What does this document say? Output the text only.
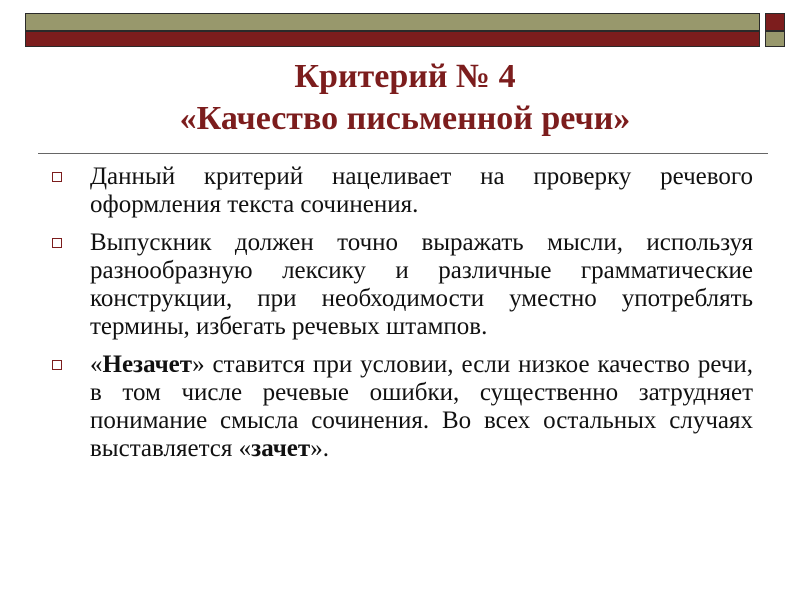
Критерий № 4
«Качество письменной речи»
Данный критерий нацеливает на проверку речевого оформления текста сочинения.
Выпускник должен точно выражать мысли, используя разнообразную лексику и различные грамматические конструкции, при необходимости уместно употреблять термины, избегать речевых штампов.
«Незачет» ставится при условии, если низкое качество речи, в том числе речевые ошибки, существенно затрудняет понимание смысла сочинения. Во всех остальных случаях выставляется «зачет».
